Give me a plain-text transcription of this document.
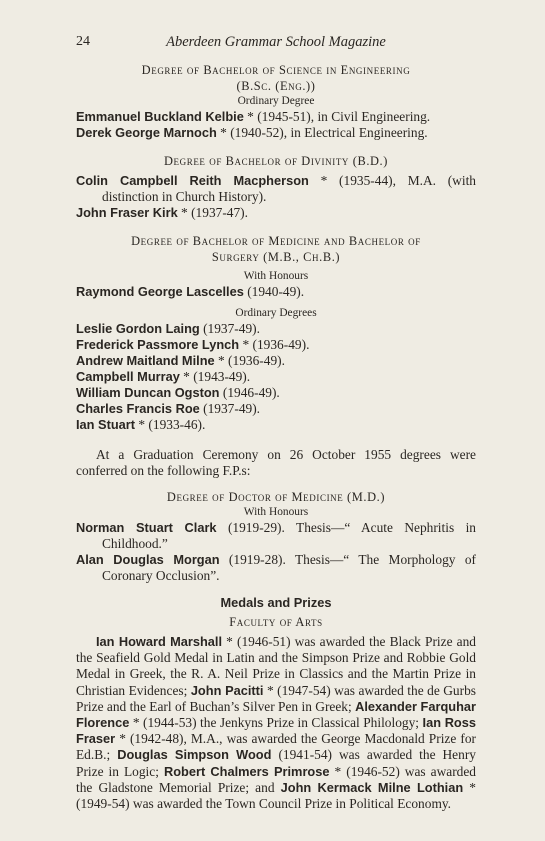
24	Aberdeen Grammar School Magazine
Degree of Bachelor of Science in Engineering
(B.Sc. (Eng.))
Ordinary Degree
Emmanuel Buckland Kelbie * (1945-51), in Civil Engineering.
Derek George Marnoch * (1940-52), in Electrical Engineering.
Degree of Bachelor of Divinity (B.D.)
Colin Campbell Reith Macpherson * (1935-44), M.A. (with distinction in Church History).
John Fraser Kirk * (1937-47).
Degree of Bachelor of Medicine and Bachelor of
Surgery (M.B., Ch.B.)
With Honours
Raymond George Lascelles (1940-49).
Ordinary Degrees
Leslie Gordon Laing (1937-49).
Frederick Passmore Lynch * (1936-49).
Andrew Maitland Milne * (1936-49).
Campbell Murray * (1943-49).
William Duncan Ogston (1946-49).
Charles Francis Roe (1937-49).
Ian Stuart * (1933-46).
At a Graduation Ceremony on 26 October 1955 degrees were conferred on the following F.P.s:
Degree of Doctor of Medicine (M.D.)
With Honours
Norman Stuart Clark (1919-29). Thesis—“ Acute Nephritis in Childhood.”
Alan Douglas Morgan (1919-28). Thesis—“ The Morphology of Coronary Occlusion”.
Medals and Prizes
Faculty of Arts
Ian Howard Marshall * (1946-51) was awarded the Black Prize and the Seafield Gold Medal in Latin and the Simpson Prize and Robbie Gold Medal in Greek, the R. A. Neil Prize in Classics and the Martin Prize in Christian Evidences; John Pacitti * (1947-54) was awarded the de Gurbs Prize and the Earl of Buchan’s Silver Pen in Greek; Alexander Farquhar Florence * (1944-53) the Jenkyns Prize in Classical Philology; Ian Ross Fraser * (1942-48), M.A., was awarded the George Macdonald Prize for Ed.B.; Douglas Simpson Wood (1941-54) was awarded the Henry Prize in Logic; Robert Chalmers Primrose * (1946-52) was awarded the Gladstone Memorial Prize; and John Kermack Milne Lothian * (1949-54) was awarded the Town Council Prize in Political Economy.
